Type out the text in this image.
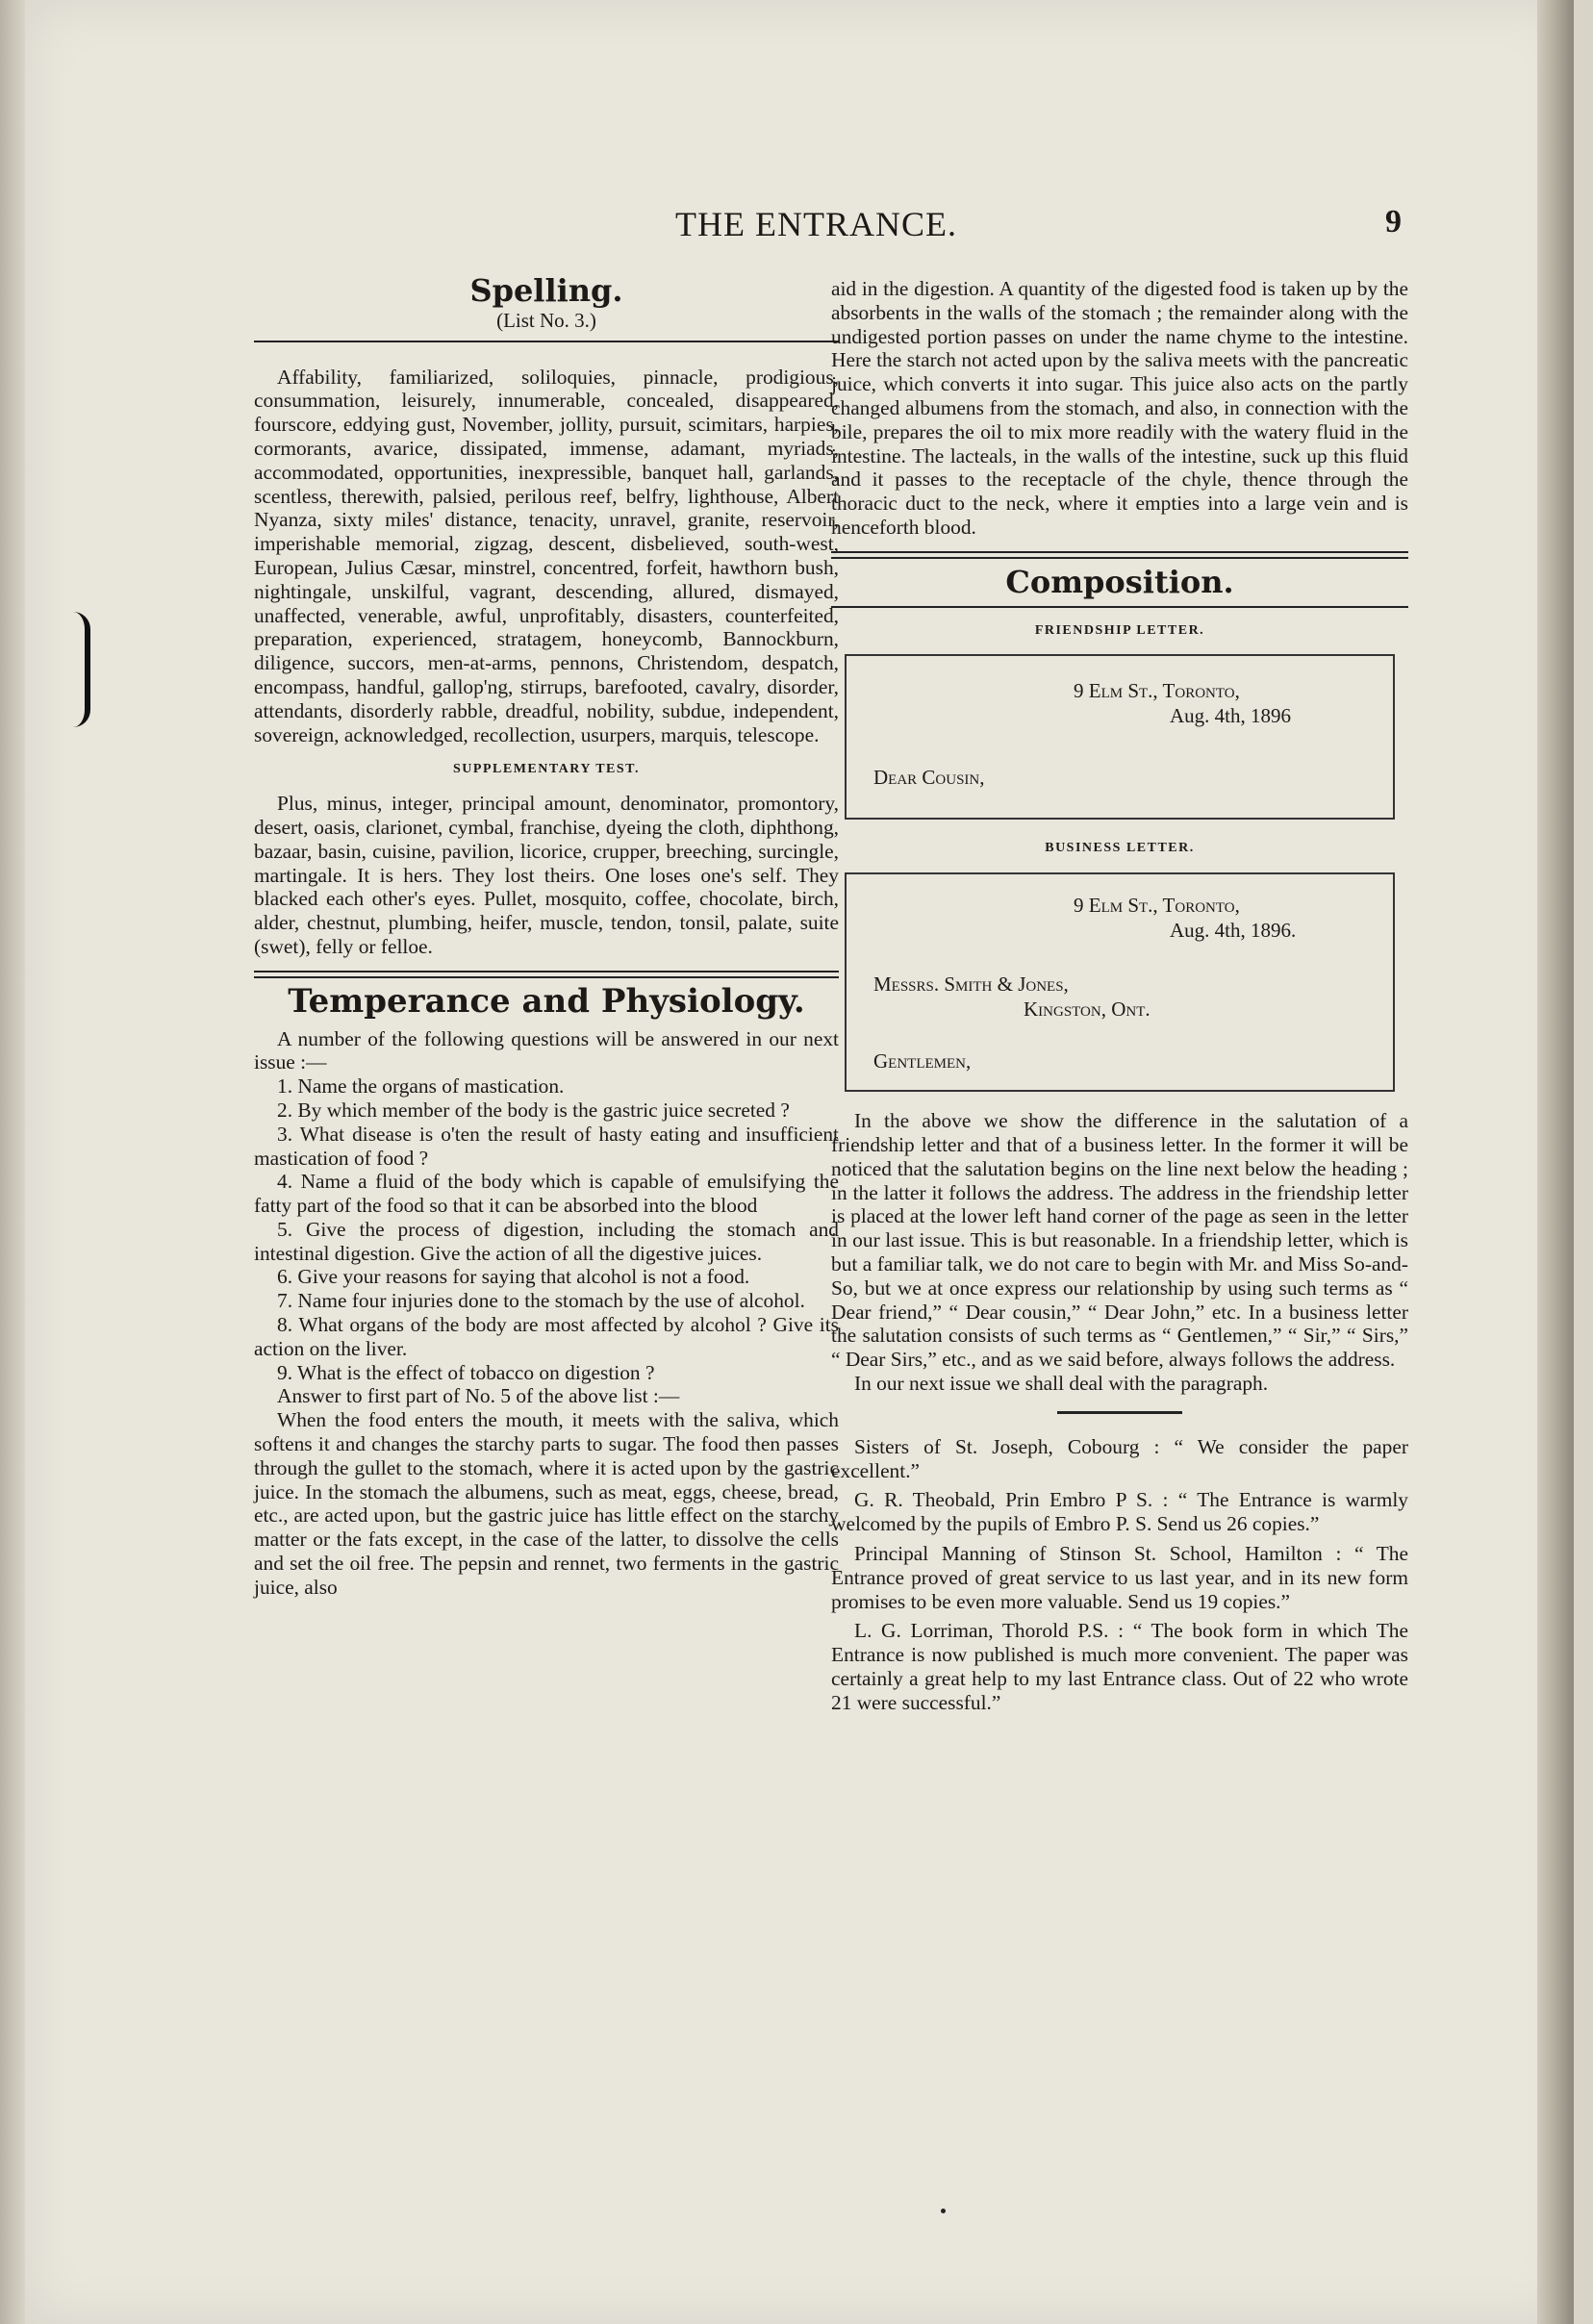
THE ENTRANCE.	9
Spelling.
(List No. 3.)

Affability, familiarized, soliloquies, pinnacle, prodigious, consummation, leisurely, innumerable, concealed, disappeared, fourscore, eddying gust, November, jollity, pursuit, scimitars, harpies, cormorants, avarice, dissipated, immense, adamant, myriads, accommodated, opportunities, inexpressible, banquet hall, garlands, scentless, therewith, palsied, perilous reef, belfry, lighthouse, Albert Nyanza, sixty miles' distance, tenacity, unravel, granite, reservoir, imperishable memorial, zigzag, descent, disbelieved, south-west, European, Julius Cæsar, minstrel, concentred, forfeit, hawthorn bush, nightingale, unskilful, vagrant, descending, allured, dismayed, unaffected, venerable, awful, unprofitably, disasters, counterfeited, preparation, experienced, stratagem, honeycomb, Bannockburn, diligence, succors, men-at-arms, pennons, Christendom, despatch, encompass, handful, gallop'ng, stirrups, barefooted, cavalry, disorder, attendants, disorderly rabble, dreadful, nobility, subdue, independent, sovereign, acknowledged, recollection, usurpers, marquis, telescope.

SUPPLEMENTARY TEST.

Plus, minus, integer, principal amount, denominator, promontory, desert, oasis, clarionet, cymbal, franchise, dyeing the cloth, diphthong, bazaar, basin, cuisine, pavilion, licorice, crupper, breeching, surcingle, martingale. It is hers. They lost theirs. One loses one's self. They blacked each other's eyes. Pullet, mosquito, coffee, chocolate, birch, alder, chestnut, plumbing, heifer, muscle, tendon, tonsil, palate, suite (swet), felly or felloe.

Temperance and Physiology.

A number of the following questions will be answered in our next issue :—

1. Name the organs of mastication.

2. By which member of the body is the gastric juice secreted ?

3. What disease is o'ten the result of hasty eating and insufficient mastication of food ?

4. Name a fluid of the body which is capable of emulsifying the fatty part of the food so that it can be absorbed into the blood

5. Give the process of digestion, including the stomach and intestinal digestion. Give the action of all the digestive juices.

6. Give your reasons for saying that alcohol is not a food.

7. Name four injuries done to the stomach by the use of alcohol.

8. What organs of the body are most affected by alcohol ? Give its action on the liver.

9. What is the effect of tobacco on digestion ?

Answer to first part of No. 5 of the above list :—

When the food enters the mouth, it meets with the saliva, which softens it and changes the starchy parts to sugar. The food then passes through the gullet to the stomach, where it is acted upon by the gastric juice. In the stomach the albumens, such as meat, eggs, cheese, bread, etc., are acted upon, but the gastric juice has little effect on the starchy matter or the fats except, in the case of the latter, to dissolve the cells and set the oil free. The pepsin and rennet, two ferments in the gastric juice, also

aid in the digestion. A quantity of the digested food is taken up by the absorbents in the walls of the stomach ; the remainder along with the undigested portion passes on under the name chyme to the intestine. Here the starch not acted upon by the saliva meets with the pancreatic juice, which converts it into sugar. This juice also acts on the partly changed albumens from the stomach, and also, in connection with the bile, prepares the oil to mix more readily with the watery fluid in the intestine. The lacteals, in the walls of the intestine, suck up this fluid and it passes to the receptacle of the chyle, thence through the thoracic duct to the neck, where it empties into a large vein and is henceforth blood.

Composition.
FRIENDSHIP LETTER.
9 Elm St., Toronto,
Aug. 4th, 1896
Dear Cousin,
BUSINESS LETTER.
9 Elm St., Toronto,
Aug. 4th, 1896.
Messrs. Smith & Jones,
Kingston, Ont.
Gentlemen,

In the above we show the difference in the salutation of a friendship letter and that of a business letter. In the former it will be noticed that the salutation begins on the line next below the heading ; in the latter it follows the address. The address in the friendship letter is placed at the lower left hand corner of the page as seen in the letter in our last issue. This is but reasonable. In a friendship letter, which is but a familiar talk, we do not care to begin with Mr. and Miss So-and-So, but we at once express our relationship by using such terms as “ Dear friend,” “ Dear cousin,” “ Dear John,” etc. In a business letter the salutation consists of such terms as “ Gentlemen,” “ Sir,” “ Sirs,” “ Dear Sirs,” etc., and as we said before, always follows the address.

In our next issue we shall deal with the paragraph.

Sisters of St. Joseph, Cobourg : “ We consider the paper excellent.”

G. R. Theobald, Prin Embro P S. : “ The Entrance is warmly welcomed by the pupils of Embro P. S. Send us 26 copies.”

Principal Manning of Stinson St. School, Hamilton : “ The Entrance proved of great service to us last year, and in its new form promises to be even more valuable. Send us 19 copies.”

L. G. Lorriman, Thorold P.S. : “ The book form in which The Entrance is now published is much more convenient. The paper was certainly a great help to my last Entrance class. Out of 22 who wrote 21 were successful.”
